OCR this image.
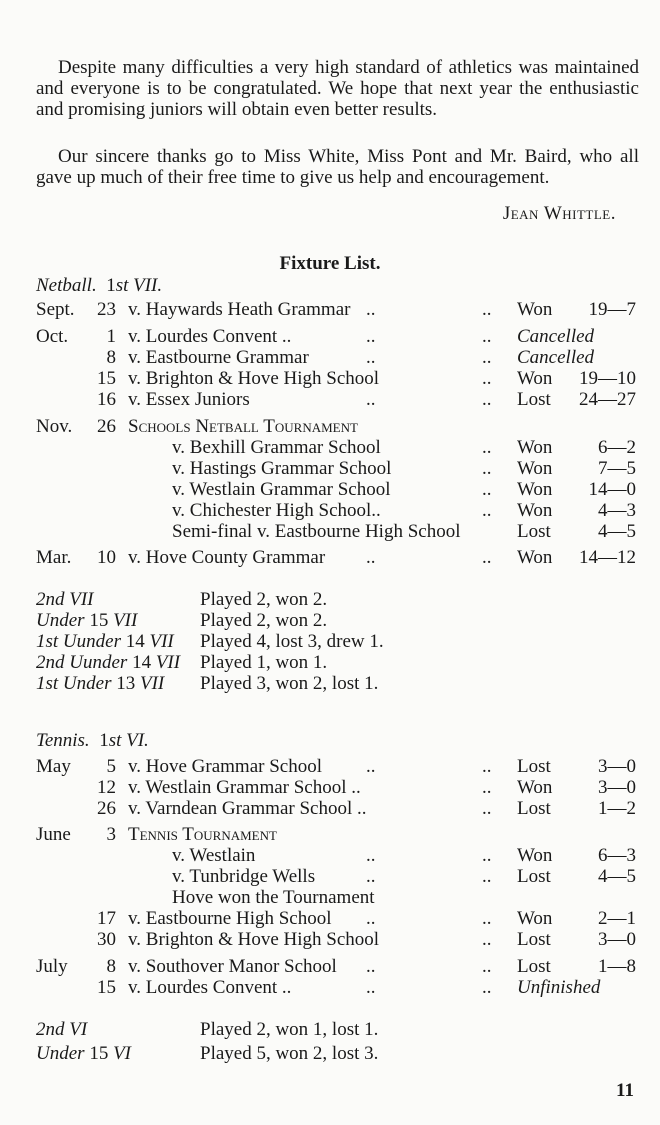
Despite many difficulties a very high standard of athletics was maintained and everyone is to be congratulated. We hope that next year the enthusiastic and promising juniors will obtain even better results.

Our sincere thanks go to Miss White, Miss Pont and Mr. Baird, who all gave up much of their free time to give us help and encouragement.

Jean Whittle.
Fixture List.
Netball. 1st VII.
Tennis. 1st VI.
11
Sept.	23 v. Haywards Heath Grammar ..	.. Won	19—7
Oct.	1 v. Lourdes Convent ..	..	.. Cancelled
8 v. Eastbourne Grammar	..	.. Cancelled
15 v. Brighton & Hove High School	.. Won 19—10
16 v. Essex Juniors	..	.. Lost 24—27
Nov.	26 Schools Netball Tournament
v. Bexhill Grammar School	.. Won	6—2
v. Hastings Grammar School	.. Won	7—5
v. Westlain Grammar School	.. Won	14—0
v. Chichester High School..	.. Won	4—3
Semi-final v. Eastbourne High School	Lost	4—5
Mar.	10 v. Hove County Grammar ..	.. Won 14—12
2nd VII	Played 2, won 2.
Under 15 VII	Played 2, won 2.
1st Uunder 14 VII Played 4, lost 3, drew 1.
2nd Uunder 14 VII Played 1, won 1.
1st Under 13 VII Played 3, won 2, lost 1.
May	5 v. Hove Grammar School ..	.. Lost	3—0
12 v. Westlain Grammar School ..	.. Won	3—0
26 v. Varndean Grammar School ..	.. Lost	1—2
June	3 Tennis Tournament
v. Westlain	..	.. Won	6—3
v. Tunbridge Wells	..	.. Lost	4—5
Hove won the Tournament
17 v. Eastbourne High School ..	.. Won	2—1
30 v. Brighton & Hove High School	.. Lost	3—0
July	8 v. Southover Manor School ..	.. Lost	1—8
15 v. Lourdes Convent ..	..	.. Unfinished
2nd VI	Played 2, won 1, lost 1.
Under 15 VI	Played 5, won 2, lost 3.
